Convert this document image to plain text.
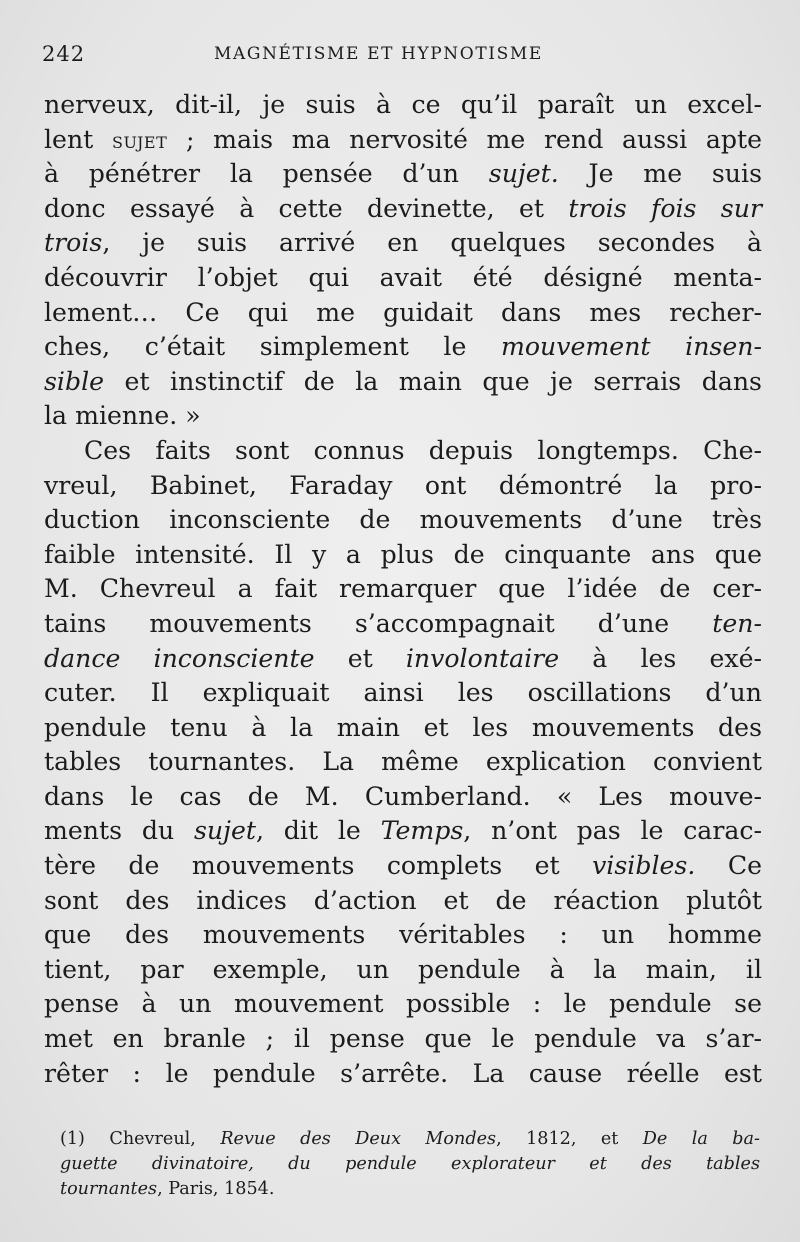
242	MAGNÉTISME ET HYPNOTISME
nerveux, dit-il, je suis à ce qu’il paraît un excel-
lent sujet ; mais ma nervosité me rend aussi apte
à pénétrer la pensée d’un sujet. Je me suis
donc essayé à cette devinette, et trois fois sur
trois, je suis arrivé en quelques secondes à
découvrir l’objet qui avait été désigné menta-
lement… Ce qui me guidait dans mes recher-
ches, c’était simplement le mouvement insen-
sible et instinctif de la main que je serrais dans
la mienne. »
Ces faits sont connus depuis longtemps. Che-
vreul, Babinet, Faraday ont démontré la pro-
duction inconsciente de mouvements d’une très
faible intensité. Il y a plus de cinquante ans que
M. Chevreul a fait remarquer que l’idée de cer-
tains mouvements s’accompagnait d’une ten-
dance inconsciente et involontaire à les exé-
cuter. Il expliquait ainsi les oscillations d’un
pendule tenu à la main et les mouvements des
tables tournantes. La même explication convient
dans le cas de M. Cumberland. « Les mouve-
ments du sujet, dit le Temps, n’ont pas le carac-
tère de mouvements complets et visibles. Ce
sont des indices d’action et de réaction plutôt
que des mouvements véritables : un homme
tient, par exemple, un pendule à la main, il
pense à un mouvement possible : le pendule se
met en branle ; il pense que le pendule va s’ar-
rêter : le pendule s’arrête. La cause réelle est
(1) Chevreul, Revue des Deux Mondes, 1812, et De la ba-
guette divinatoire, du pendule explorateur et des tables
tournantes, Paris, 1854.
